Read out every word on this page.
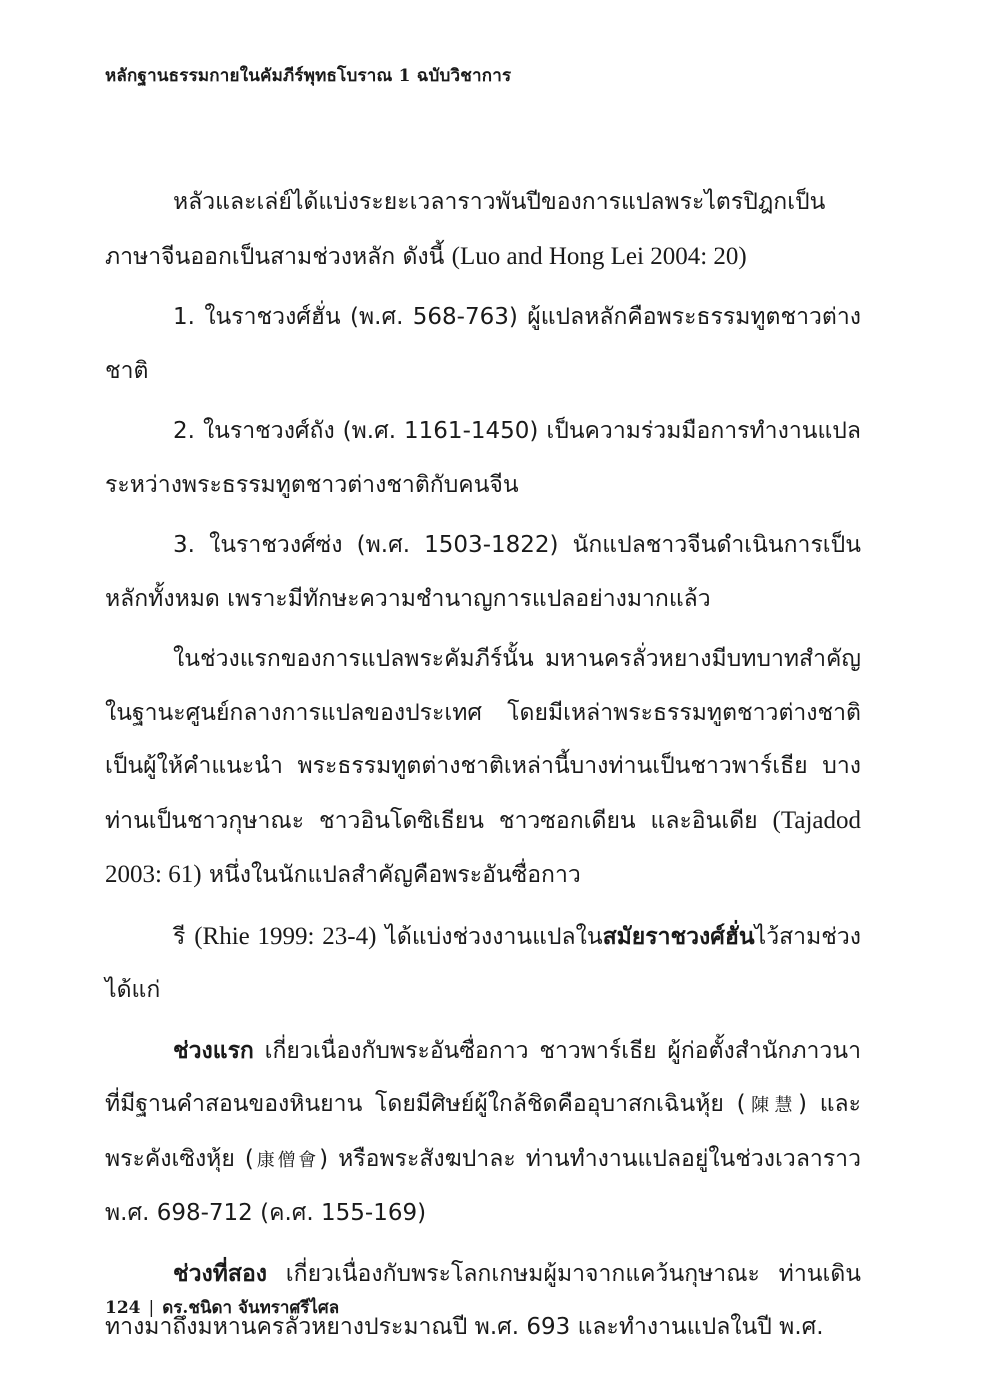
หลักฐานธรรมกายในคัมภีร์พุทธโบราณ 1 ฉบับวิชาการ

หลัวและเล่ย์ได้แบ่งระยะเวลาราวพันปีของการแปลพระไตรปิฎกเป็นภาษาจีนออกเป็นสามช่วงหลัก ดังนี้ (Luo and Hong Lei 2004: 20)

1. ในราชวงศ์ฮั่น (พ.ศ. 568-763) ผู้แปลหลักคือพระธรรมทูตชาวต่างชาติ

2. ในราชวงศ์ถัง (พ.ศ. 1161-1450) เป็นความร่วมมือการทำงานแปลระหว่างพระธรรมทูตชาวต่างชาติกับคนจีน

3. ในราชวงศ์ซ่ง (พ.ศ. 1503-1822) นักแปลชาวจีนดำเนินการเป็นหลักทั้งหมด เพราะมีทักษะความชำนาญการแปลอย่างมากแล้ว

ในช่วงแรกของการแปลพระคัมภีร์นั้น มหานครลั่วหยางมีบทบาทสำคัญในฐานะศูนย์กลางการแปลของประเทศ โดยมีเหล่าพระธรรมทูตชาวต่างชาติเป็นผู้ให้คำแนะนำ พระธรรมทูตต่างชาติเหล่านี้บางท่านเป็นชาวพาร์เธีย บางท่านเป็นชาวกุษาณะ ชาวอินโดซิเธียน ชาวซอกเดียน และอินเดีย (Tajadod 2003: 61) หนึ่งในนักแปลสำคัญคือพระอันซื่อกาว

รี (Rhie 1999: 23-4) ได้แบ่งช่วงงานแปลในสมัยราชวงศ์ฮั่นไว้สามช่วง ได้แก่

ช่วงแรก เกี่ยวเนื่องกับพระอันซื่อกาว ชาวพาร์เธีย ผู้ก่อตั้งสำนักภาวนาที่มีฐานคำสอนของหินยาน โดยมีศิษย์ผู้ใกล้ชิดคืออุบาสกเฉินหุ้ย (陳慧) และพระคังเซิงหุ้ย (康僧會) หรือพระสังฆปาละ ท่านทำงานแปลอยู่ในช่วงเวลาราว พ.ศ. 698-712 (ค.ศ. 155-169)

ช่วงที่สอง เกี่ยวเนื่องกับพระโลกเกษมผู้มาจากแคว้นกุษาณะ ท่านเดินทางมาถึงมหานครลั่วหยางประมาณปี พ.ศ. 693 และทำงานแปลในปี พ.ศ.

124 | ดร.ชนิดา จันทราศรีไศล
